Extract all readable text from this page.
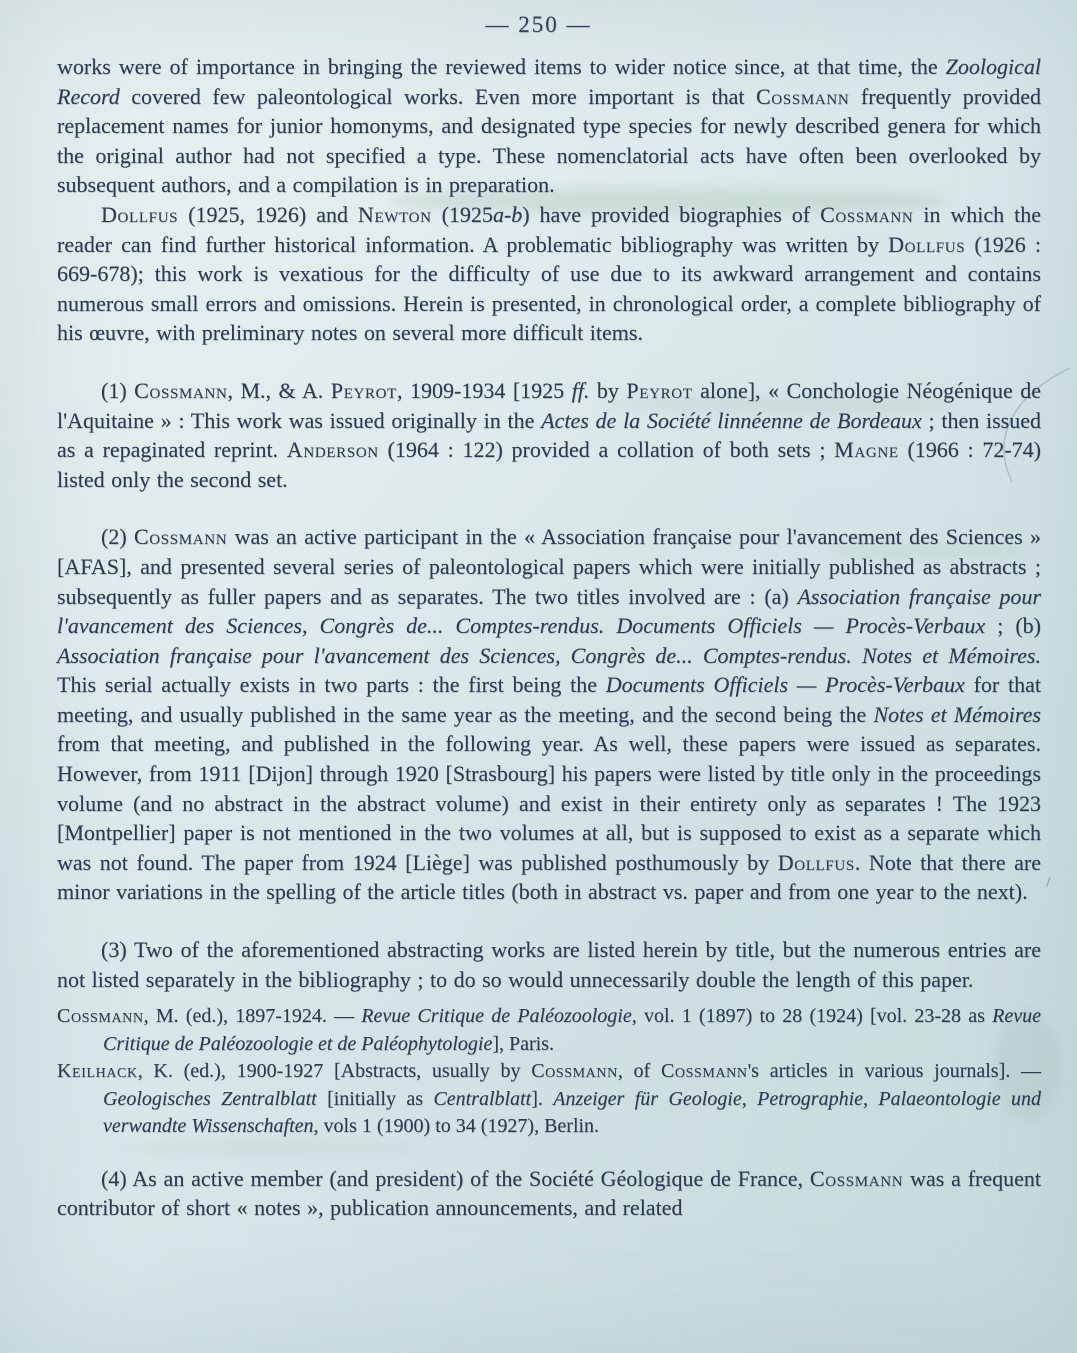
— 250 —

works were of importance in bringing the reviewed items to wider notice since, at that time, the Zoological Record covered few paleontological works. Even more important is that Cossmann frequently provided replacement names for junior homonyms, and designated type species for newly described genera for which the original author had not specified a type. These nomenclatorial acts have often been overlooked by subsequent authors, and a compilation is in preparation.

Dollfus (1925, 1926) and Newton (1925a-b) have provided biographies of Cossmann in which the reader can find further historical information. A problematic bibliography was written by Dollfus (1926 : 669-678); this work is vexatious for the difficulty of use due to its awkward arrangement and contains numerous small errors and omissions. Herein is presented, in chronological order, a complete bibliography of his œuvre, with preliminary notes on several more difficult items.

(1) Cossmann, M., & A. Peyrot, 1909-1934 [1925 ff. by Peyrot alone], « Conchologie Néogénique de l'Aquitaine » : This work was issued originally in the Actes de la Société linnéenne de Bordeaux ; then issued as a repaginated reprint. Anderson (1964 : 122) provided a collation of both sets ; Magne (1966 : 72-74) listed only the second set.

(2) Cossmann was an active participant in the « Association française pour l'avancement des Sciences » [AFAS], and presented several series of paleontological papers which were initially published as abstracts ; subsequently as fuller papers and as separates. The two titles involved are : (a) Association française pour l'avancement des Sciences, Congrès de... Comptes-rendus. Documents Officiels — Procès-Verbaux ; (b) Association française pour l'avancement des Sciences, Congrès de... Comptes-rendus. Notes et Mémoires. This serial actually exists in two parts : the first being the Documents Officiels — Procès-Verbaux for that meeting, and usually published in the same year as the meeting, and the second being the Notes et Mémoires from that meeting, and published in the following year. As well, these papers were issued as separates. However, from 1911 [Dijon] through 1920 [Strasbourg] his papers were listed by title only in the proceedings volume (and no abstract in the abstract volume) and exist in their entirety only as separates ! The 1923 [Montpellier] paper is not mentioned in the two volumes at all, but is supposed to exist as a separate which was not found. The paper from 1924 [Liège] was published posthumously by Dollfus. Note that there are minor variations in the spelling of the article titles (both in abstract vs. paper and from one year to the next).

(3) Two of the aforementioned abstracting works are listed herein by title, but the numerous entries are not listed separately in the bibliography ; to do so would unnecessarily double the length of this paper.

Cossmann, M. (ed.), 1897-1924. — Revue Critique de Paléozoologie, vol. 1 (1897) to 28 (1924) [vol. 23-28 as Revue Critique de Paléozoologie et de Paléophytologie], Paris.

Keilhack, K. (ed.), 1900-1927 [Abstracts, usually by Cossmann, of Cossmann's articles in various journals]. — Geologisches Zentralblatt [initially as Centralblatt]. Anzeiger für Geologie, Petrographie, Palaeontologie und verwandte Wissenschaften, vols 1 (1900) to 34 (1927), Berlin.

(4) As an active member (and president) of the Société Géologique de France, Cossmann was a frequent contributor of short « notes », publication announcements, and related
